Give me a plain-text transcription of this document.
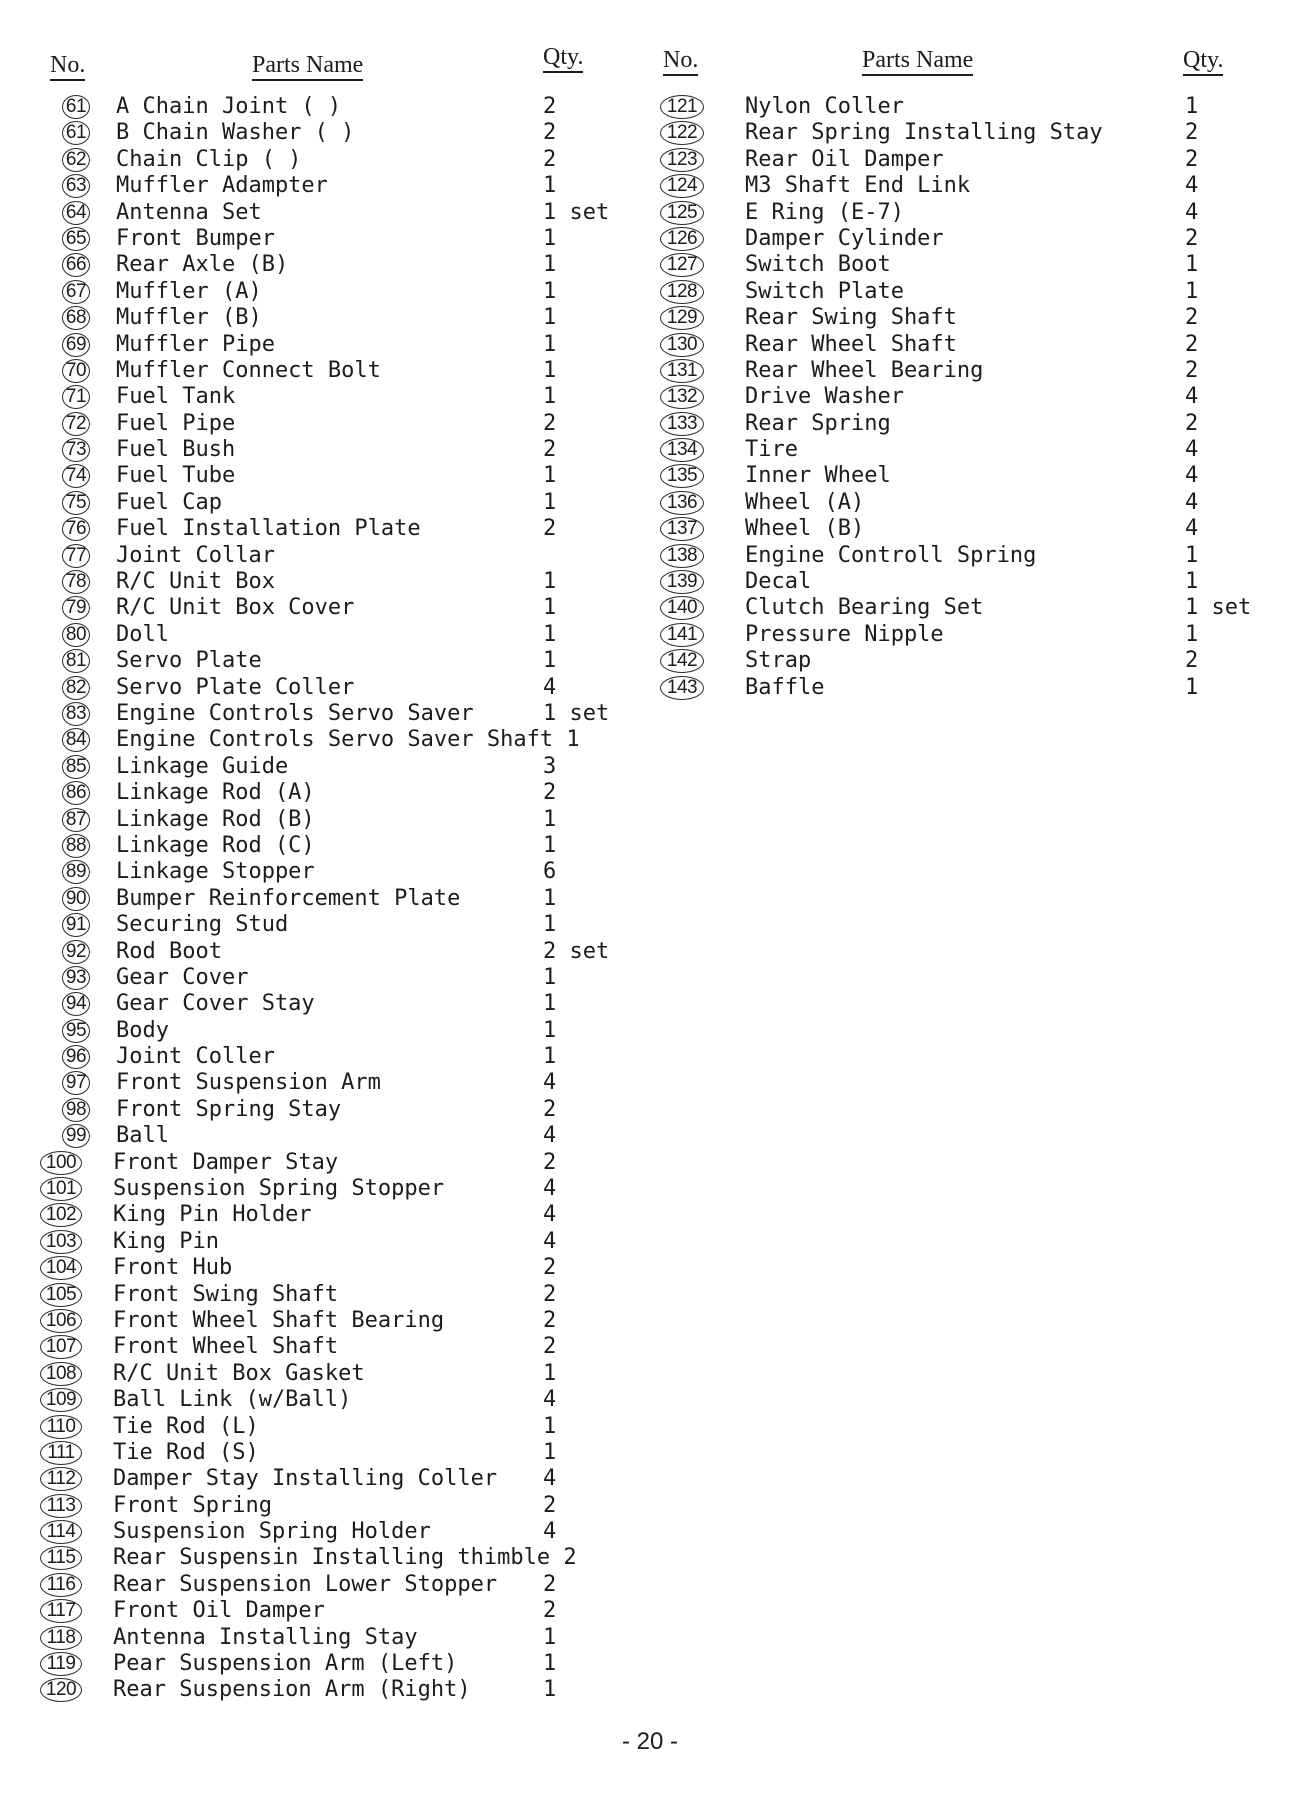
No.	Parts Name	Qty.
61 A Chain Joint ( )	2
61 B Chain Washer ( )	2
62 Chain Clip ( )	2
63 Muffler Adampter	1
64 Antenna Set	1 set
65 Front Bumper	1
66 Rear Axle (B)	1
67 Muffler (A)	1
68 Muffler (B)	1
69 Muffler Pipe	1
70 Muffler Connect Bolt	1
71 Fuel Tank	1
72 Fuel Pipe	2
73 Fuel Bush	2
74 Fuel Tube	1
75 Fuel Cap	1
76 Fuel Installation Plate	2
77 Joint Collar
78 R/C Unit Box	1
79 R/C Unit Box Cover	1
80 Doll	1
81 Servo Plate	1
82 Servo Plate Coller	4
83 Engine Controls Servo Saver	1 set
84 Engine Controls Servo Saver Shaft 1
85 Linkage Guide	3
86 Linkage Rod (A)	2
87 Linkage Rod (B)	1
88 Linkage Rod (C)	1
89 Linkage Stopper	6
90 Bumper Reinforcement Plate	1
91 Securing Stud	1
92 Rod Boot	2 set
93 Gear Cover	1
94 Gear Cover Stay	1
95 Body	1
96 Joint Coller	1
97 Front Suspension Arm	4
98 Front Spring Stay	2
99 Ball	4
100 Front Damper Stay	2
101 Suspension Spring Stopper	4
102 King Pin Holder	4
103 King Pin	4
104 Front Hub	2
105 Front Swing Shaft	2
106 Front Wheel Shaft Bearing	2
107 Front Wheel Shaft	2
108 R/C Unit Box Gasket	1
109 Ball Link (w/Ball)	4
110	Tie Rod (L)	1
111	Tie Rod (S)	1
112	Damper Stay Installing Coller 4
113	Front Spring	2
114	Suspension Spring Holder	4
115	Rear Suspensin Installing thimble 2
116	Rear Suspension Lower Stopper 2
117	Front Oil Damper	2
118	Antenna Installing Stay	1
119	Pear Suspension Arm (Left)	1
120 Rear Suspension Arm (Right)	1
No.	Parts Name	Qty.
121	Nylon Coller	1
122	Rear Spring Installing Stay	2
123	Rear Oil Damper	2
124	M3 Shaft End Link	4
125	E Ring (E-7)	4
126	Damper Cylinder	2
127	Switch Boot	1
128	Switch Plate	1
129	Rear Swing Shaft	2
130	Rear Wheel Shaft	2
131	Rear Wheel Bearing	2
132	Drive Washer	4
133	Rear Spring	2
134	Tire	4
135	Inner Wheel	4
136	Wheel (A)	4
137	Wheel (B)	4
138	Engine Controll Spring	1
139	Decal	1
140	Clutch Bearing Set	1 set
141	Pressure Nipple	1
142	Strap	2
143	Baffle	1
- 20 -
